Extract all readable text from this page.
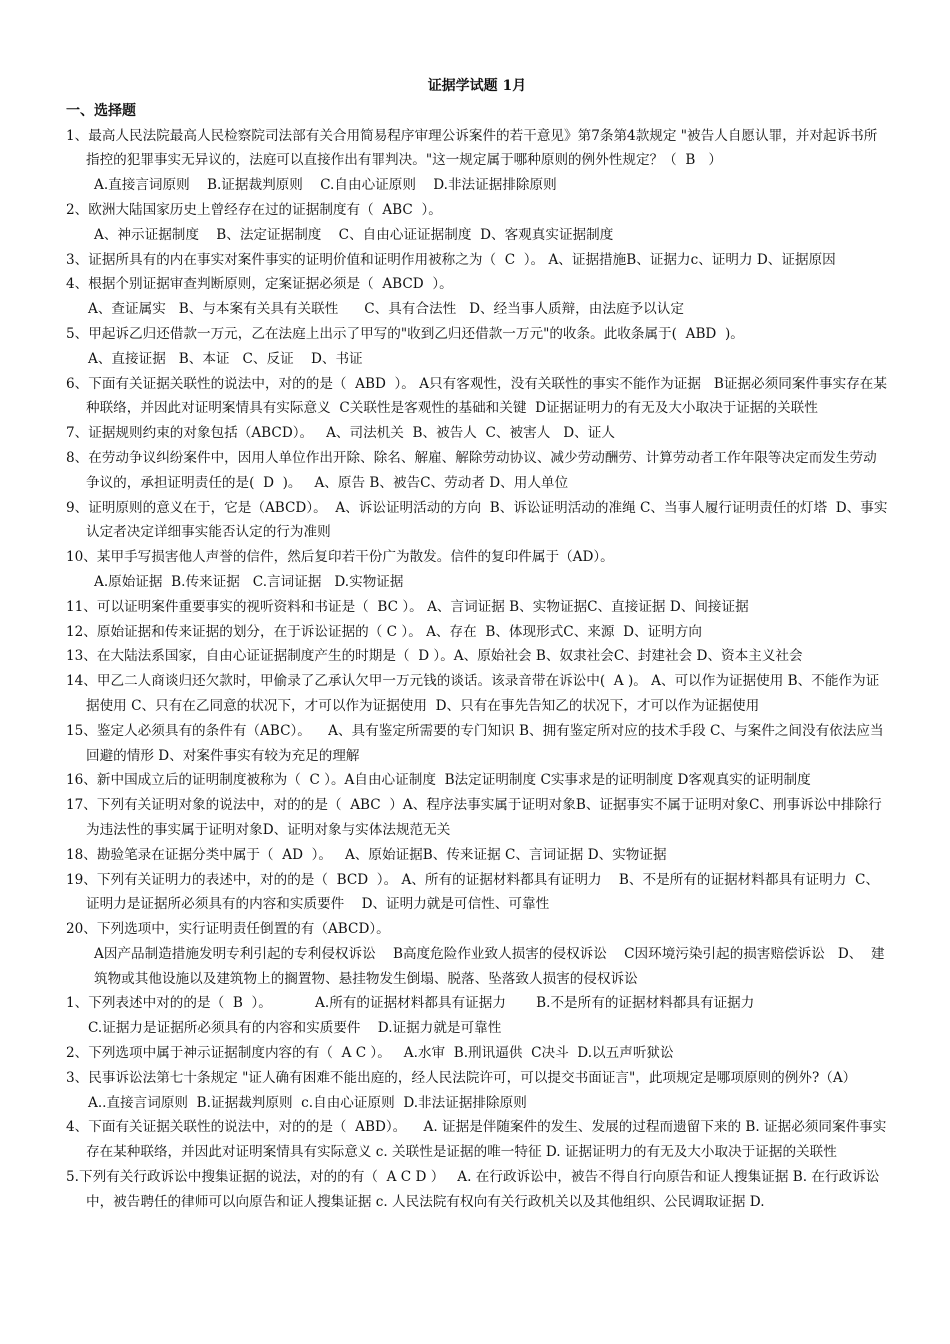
证据学试题 1月
一、选择题

1、最高人民法院最高人民检察院司法部有关合用简易程序审理公诉案件的若干意见》第7条第4款规定 "被告人自愿认罪，并对起诉书所指控的犯罪事实无异议的，法庭可以直接作出有罪判决。"这一规定属于哪种原则的例外性规定？（  B   ）

A.直接言词原则    B.证据裁判原则    C.自由心证原则    D.非法证据排除原则

2、欧洲大陆国家历史上曾经存在过的证据制度有（  ABC  ）。

A、神示证据制度    B、法定证据制度    C、自由心证证据制度  D、客观真实证据制度

3、证据所具有的内在事实对案件事实的证明价值和证明作用被称之为（  C  ）。 A、证据措施B、证据力c、证明力 D、证据原因

4、根据个别证据审查判断原则，定案证据必须是（  ABCD  ）。

A、查证属实   B、与本案有关具有关联性      C、具有合法性   D、经当事人质辩，由法庭予以认定

5、甲起诉乙归还借款一万元，乙在法庭上出示了甲写的"收到乙归还借款一万元"的收条。此收条属于(  ABD  )。

A、直接证据   B、本证   C、反证    D、书证

6、下面有关证据关联性的说法中，对的的是（  ABD  ）。 A只有客观性，没有关联性的事实不能作为证据   B证据必须同案件事实存在某种联络，并因此对证明案情具有实际意义  C关联性是客观性的基础和关键  D证据证明力的有无及大小取决于证据的关联性

7、证据规则约束的对象包括（ABCD）。   A、司法机关  B、被告人  C、被害人   D、证人

8、在劳动争议纠纷案件中，因用人单位作出开除、除名、解雇、解除劳动协议、减少劳动酬劳、计算劳动者工作年限等决定而发生劳动争议的，承担证明责任的是(  D  )。   A、原告 B、被告C、劳动者 D、用人单位

9、证明原则的意义在于，它是（ABCD）。  A、诉讼证明活动的方向  B、诉讼证明活动的准绳 C、当事人履行证明责任的灯塔  D、事实认定者决定详细事实能否认定的行为准则

10、某甲手写损害他人声誉的信件，然后复印若干份广为散发。信件的复印件属于（AD）。

A.原始证据  B.传来证据   C.言词证据   D.实物证据

11、可以证明案件重要事实的视听资料和书证是（  BC ）。 A、言词证据 B、实物证据C、直接证据 D、间接证据

12、原始证据和传来证据的划分，在于诉讼证据的（ C ）。 A、存在  B、体现形式C、来源  D、证明方向

13、在大陆法系国家，自由心证证据制度产生的时期是（  D ）。A、原始社会 B、奴隶社会C、封建社会 D、资本主义社会

14、甲乙二人商谈归还欠款时，甲偷录了乙承认欠甲一万元钱的谈话。该录音带在诉讼中(  A )。 A、可以作为证据使用 B、不能作为证据使用 C、只有在乙同意的状况下，才可以作为证据使用  D、只有在事先告知乙的状况下，才可以作为证据使用

15、鉴定人必须具有的条件有（ABC）。    A、具有鉴定所需要的专门知识 B、拥有鉴定所对应的技术手段 C、与案件之间没有依法应当回避的情形 D、对案件事实有较为充足的理解

16、新中国成立后的证明制度被称为（  C ）。A自由心证制度  B法定证明制度 C实事求是的证明制度 D客观真实的证明制度

17、下列有关证明对象的说法中，对的的是（  ABC  ）A、程序法事实属于证明对象B、证据事实不属于证明对象C、刑事诉讼中排除行为违法性的事实属于证明对象D、证明对象与实体法规范无关

18、勘验笔录在证据分类中属于（  AD  ）。   A、原始证据B、传来证据 C、言词证据 D、实物证据

19、下列有关证明力的表述中，对的的是（  BCD  ）。 A、所有的证据材料都具有证明力    B、不是所有的证据材料都具有证明力  C、证明力是证据所必须具有的内容和实质要件    D、证明力就是可信性、可靠性

20、下列选项中，实行证明责任倒置的有（ABCD）。

A因产品制造措施发明专利引起的专利侵权诉讼    B高度危险作业致人损害的侵权诉讼    C因环境污染引起的损害赔偿诉讼   D、  建筑物或其他设施以及建筑物上的搁置物、悬挂物发生倒塌、脱落、坠落致人损害的侵权诉讼

1、下列表述中对的的是（  B  ）。          A.所有的证据材料都具有证据力       B.不是所有的证据材料都具有证据力

C.证据力是证据所必须具有的内容和实质要件    D.证据力就是可靠性

2、下列选项中属于神示证据制度内容的有（  A C ）。   A.水审  B.刑讯逼供  C决斗  D.以五声听狱讼

3、民事诉讼法第七十条规定 "证人确有困难不能出庭的，经人民法院许可，可以提交书面证言"，此项规定是哪项原则的例外?（A）

A..直接言词原则  B.证据裁判原则  c.自由心证原则  D.非法证据排除原则

4、下面有关证据关联性的说法中，对的的是（  ABD）。    A. 证据是伴随案件的发生、发展的过程而遗留下来的 B. 证据必须同案件事实存在某种联络，并因此对证明案情具有实际意义 c. 关联性是证据的唯一特征 D. 证据证明力的有无及大小取决于证据的关联性

5.下列有关行政诉讼中搜集证据的说法，对的的有（  A C D ）   A. 在行政诉讼中，被告不得自行向原告和证人搜集证据 B. 在行政诉讼中，被告聘任的律师可以向原告和证人搜集证据 c. 人民法院有权向有关行政机关以及其他组织、公民调取证据 D.
